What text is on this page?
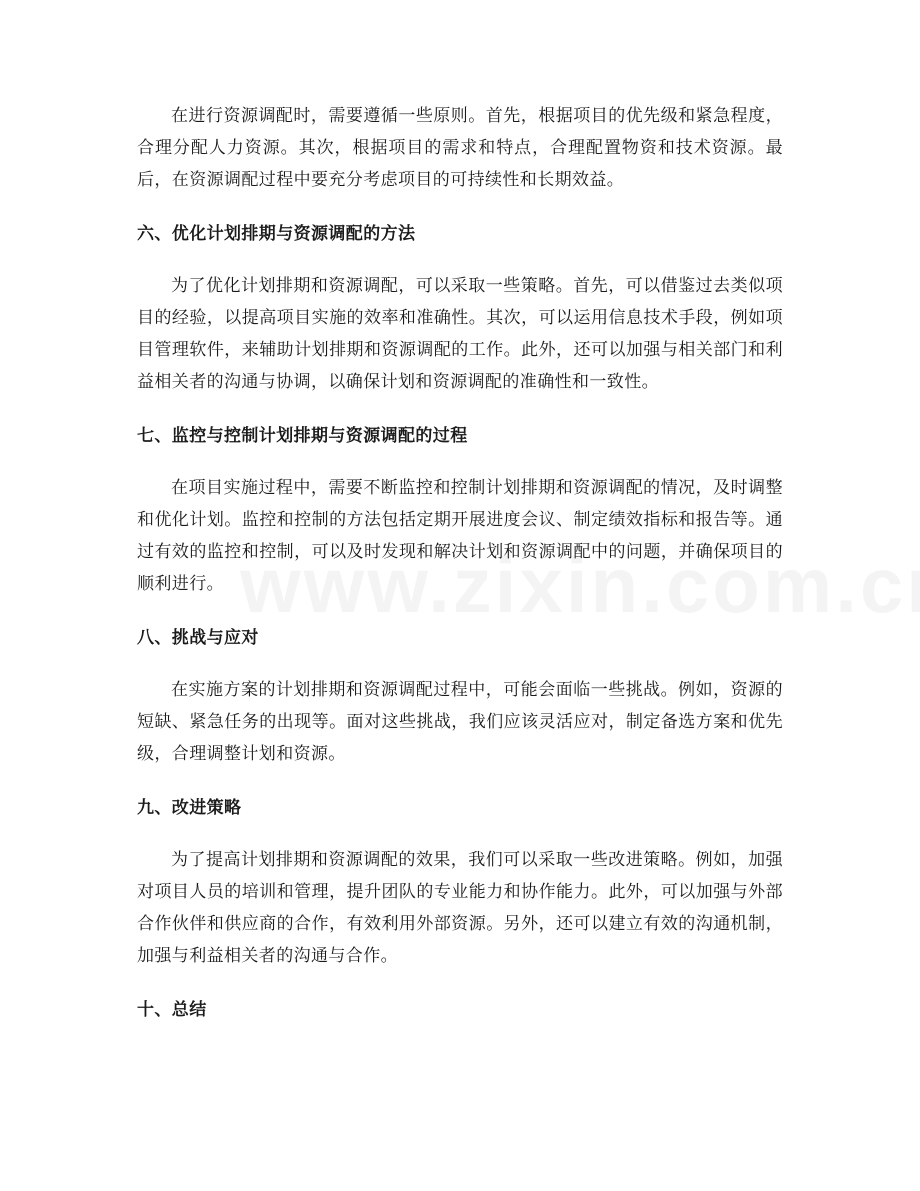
在进行资源调配时，需要遵循一些原则。首先，根据项目的优先级和紧急程度，合理分配人力资源。其次，根据项目的需求和特点，合理配置物资和技术资源。最后，在资源调配过程中要充分考虑项目的可持续性和长期效益。

六、优化计划排期与资源调配的方法

为了优化计划排期和资源调配，可以采取一些策略。首先，可以借鉴过去类似项目的经验，以提高项目实施的效率和准确性。其次，可以运用信息技术手段，例如项目管理软件，来辅助计划排期和资源调配的工作。此外，还可以加强与相关部门和利益相关者的沟通与协调，以确保计划和资源调配的准确性和一致性。

七、监控与控制计划排期与资源调配的过程

在项目实施过程中，需要不断监控和控制计划排期和资源调配的情况，及时调整和优化计划。监控和控制的方法包括定期开展进度会议、制定绩效指标和报告等。通过有效的监控和控制，可以及时发现和解决计划和资源调配中的问题，并确保项目的顺利进行。

八、挑战与应对

在实施方案的计划排期和资源调配过程中，可能会面临一些挑战。例如，资源的短缺、紧急任务的出现等。面对这些挑战，我们应该灵活应对，制定备选方案和优先级，合理调整计划和资源。

九、改进策略

为了提高计划排期和资源调配的效果，我们可以采取一些改进策略。例如，加强对项目人员的培训和管理，提升团队的专业能力和协作能力。此外，可以加强与外部合作伙伴和供应商的合作，有效利用外部资源。另外，还可以建立有效的沟通机制，加强与利益相关者的沟通与合作。

十、总结
